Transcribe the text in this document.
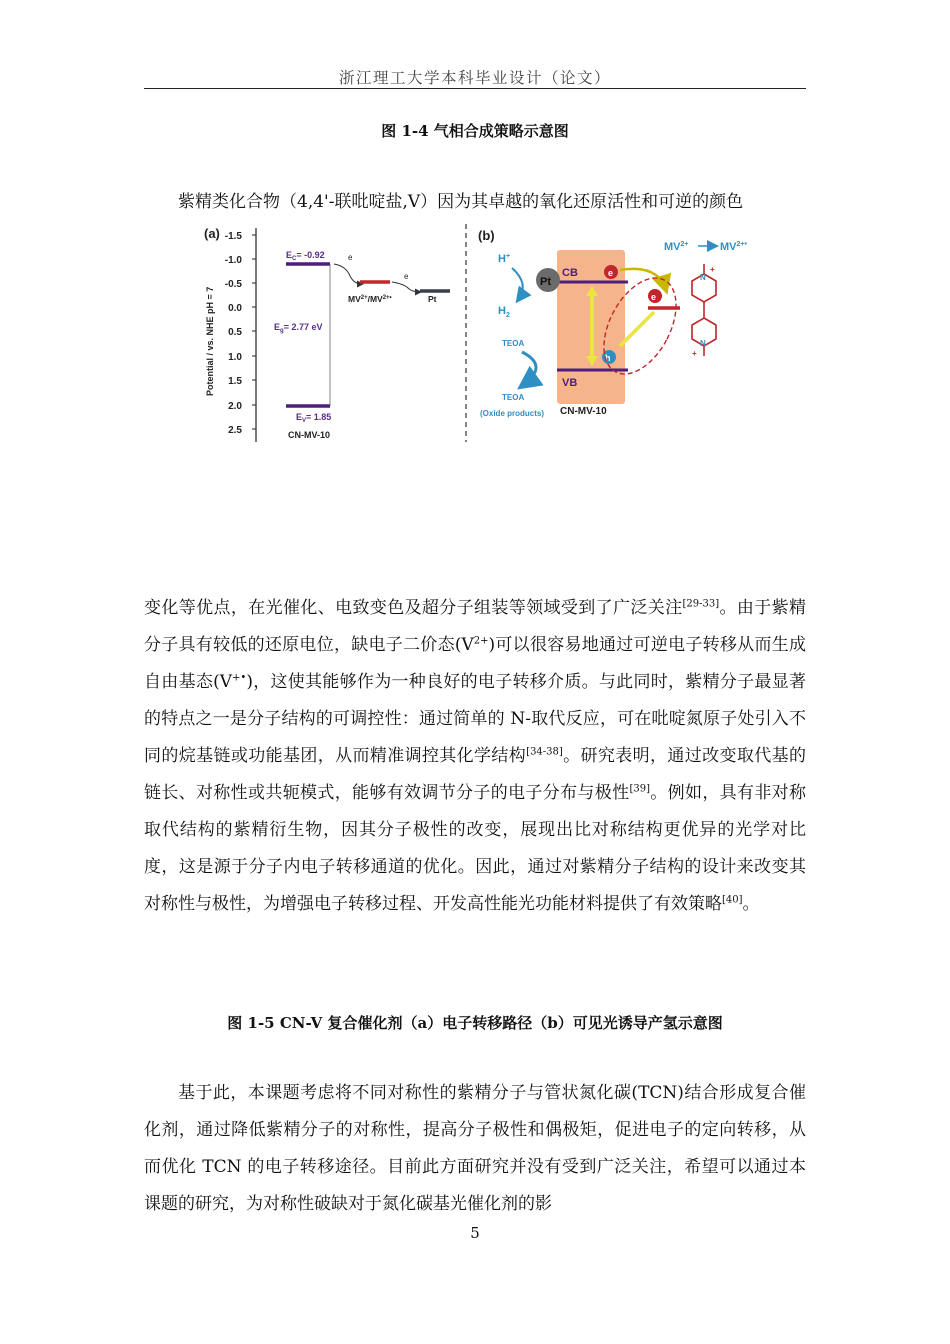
浙江理工大学本科毕业设计（论文）
图 1-4 气相合成策略示意图

紫精类化合物（4,4'-联吡啶盐,V）因为其卓越的氧化还原活性和可逆的颜色

(a)
Potential / vs. NHE pH = 7
-1.5
-1.0
-0.5
0.0
0.5
1.0
1.5
2.0
2.5
$E_C= -0.92$
$E_g= 2.77$ eV
$E_V= 1.85$
CN-MV-10
e
e
$MV^{2+}/MV^{2+•}$	Pt
(b)
CB
VB
Pt
H+
$H_2$
e
h
e
TEOA
TEOA
(Oxide products) CN-MV-10
$MV^{2+}$	$MV^{2+•}$
N
+
N
+

变化等优点，在光催化、电致变色及超分子组装等领域受到了广泛关注[29-33]。由于紫精分子具有较低的还原电位，缺电子二价态$(V^{2+})$可以很容易地通过可逆电子转移从而生成自由基态(V+•)，这使其能够作为一种良好的电子转移介质。与此同时，紫精分子最显著的特点之一是分子结构的可调控性：通过简单的 N-取代反应，可在吡啶氮原子处引入不同的烷基链或功能基团，从而精准调控其化学结构[34-38]。研究表明，通过改变取代基的链长、对称性或共轭模式，能够有效调节分子的电子分布与极性[39]。例如，具有非对称取代结构的紫精衍生物，因其分子极性的改变，展现出比对称结构更优异的光学对比度，这是源于分子内电子转移通道的优化。因此，通过对紫精分子结构的设计来改变其对称性与极性，为增强电子转移过程、开发高性能光功能材料提供了有效策略[40]。

图 1-5 CN-V 复合催化剂（a）电子转移路径（b）可见光诱导产氢示意图

基于此，本课题考虑将不同对称性的紫精分子与管状氮化碳(TCN)结合形成复合催化剂，通过降低紫精分子的对称性，提高分子极性和偶极矩，促进电子的定向转移，从而优化 TCN 的电子转移途径。目前此方面研究并没有受到广泛关注，希望可以通过本课题的研究，为对称性破缺对于氮化碳基光催化剂的影

5
